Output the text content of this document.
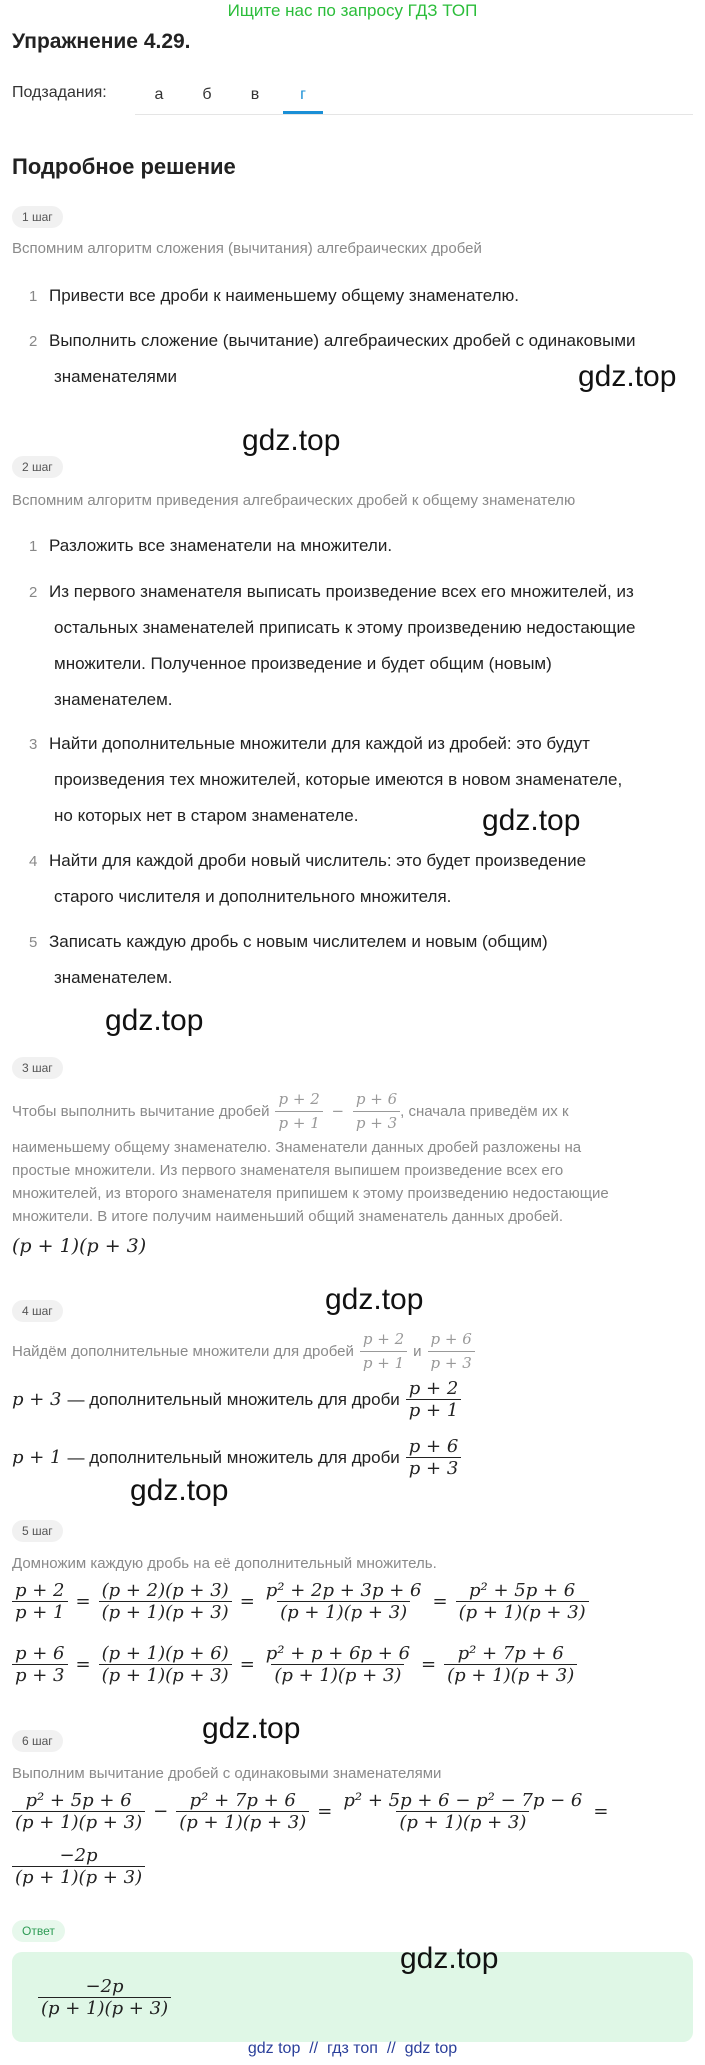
Ищите нас по запросу ГДЗ ТОП
Упражнение 4.29.
Подзадания:	а	б	в	г
Подробное решение
1 шаг
Вспомним алгоритм сложения (вычитания) алгебраических дробей
1 Привести все дроби к наименьшему общему знаменателю.
2 Выполнить сложение (вычитание) алгебраических дробей с одинаковыми
знаменателями	gdz.top
gdz.top
2 шаг
Вспомним алгоритм приведения алгебраических дробей к общему знаменателю
1 Разложить все знаменатели на множители.
2 Из первого знаменателя выписать произведение всех его множителей, из
остальных знаменателей приписать к этому произведению недостающие
множители. Полученное произведение и будет общим (новым)
знаменателем.
3 Найти дополнительные множители для каждой из дробей: это будут
произведения тех множителей, которые имеются в новом знаменателе,
но которых нет в старом знаменателе.	gdz.top
4 Найти для каждой дроби новый числитель: это будет произведение
старого числителя и дополнительного множителя.
5 Записать каждую дробь с новым числителем и новым (общим)
знаменателем.
gdz.top
3 шаг
Чтобы выполнить вычитание дробей $\frac{p + 2}{p + 1} - \frac{p + 6}{p + 3}$ , сначала приведём их к
наименьшему общему знаменателю. Знаменатели данных дробей разложены на
простые множители. Из первого знаменателя выпишем произведение всех его
множителей, из второго знаменателя припишем к этому произведению недостающие
множители. В итоге получим наименьший общий знаменатель данных дробей.
(p + 1)(p + 3)
gdz.top
4 шаг
Найдём дополнительные множители для дробей $\frac{p + 2}{p + 1}$ и $\frac{p + 6}{p + 3}$
p + 3 — дополнительный множитель для дроби $\frac{p + 2}{p + 1}$
p + 1 — дополнительный множитель для дроби $\frac{p + 6}{p + 3}$
gdz.top
5 шаг
Домножим каждую дробь на её дополнительный множитель.
$\frac{p + 2}{p + 1} = \frac{(p + 2)(p + 3)}{(p + 1)(p + 3)} = \frac{\text{p² + 2p + 3p + 6}}{(p + 1)(p + 3)} = \frac{\text{p² + 5p + 6}}{(p + 1)(p + 3)}$
$\frac{p + 6}{p + 3} = \frac{(p + 1)(p + 6)}{(p + 1)(p + 3)} = \frac{\text{p² + p + 6p + 6}}{(p + 1)(p + 3)} = \frac{\text{p² + 7p + 6}}{(p + 1)(p + 3)}$
gdz.top
6 шаг
Выполним вычитание дробей с одинаковыми знаменателями
$\frac{\text{p² + 5p + 6}}{(p + 1)(p + 3)} - \frac{\text{p² + 7p + 6}}{(p + 1)(p + 3)} = \frac{\text{p² + 5p + 6 − p² − 7p − 6}}{(p + 1)(p + 3)}$ =
$\frac{-2p}{(p + 1)(p + 3)}$
Ответ
gdz.top
$\frac{-2p}{(p + 1)(p + 3)}$
gdz top  //  гдз топ  //  gdz top
